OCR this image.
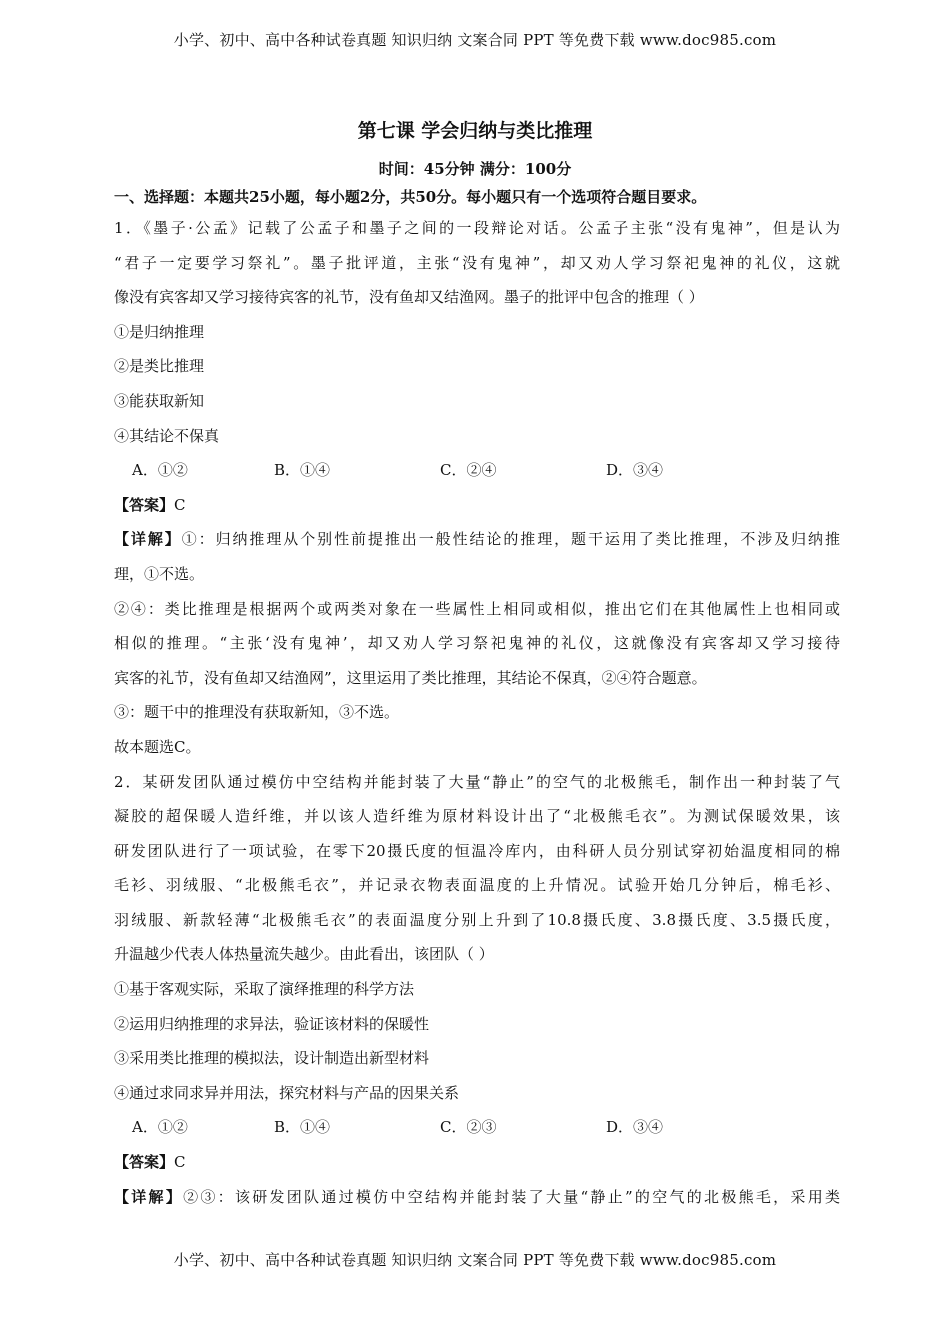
小学、初中、高中各种试卷真题 知识归纳 文案合同 PPT 等免费下载 www.doc985.com
第七课 学会归纳与类比推理
时间：45分钟 满分：100分
一、选择题：本题共25小题，每小题2分，共50分。每小题只有一个选项符合题目要求。
1．《墨子·公孟》记载了公孟子和墨子之间的一段辩论对话。公孟子主张“没有鬼神”，但是认为
“君子一定要学习祭礼”。墨子批评道，主张“没有鬼神”，却又劝人学习祭祀鬼神的礼仪，这就
像没有宾客却又学习接待宾客的礼节，没有鱼却又结渔网。墨子的批评中包含的推理（ ）
①是归纳推理
②是类比推理
③能获取新知
④其结论不保真
A．①②	B．①④	C．②④	D．③④
【答案】C
【详解】①：归纳推理从个别性前提推出一般性结论的推理，题干运用了类比推理，不涉及归纳推
理，①不选。
②④：类比推理是根据两个或两类对象在一些属性上相同或相似，推出它们在其他属性上也相同或
相似的推理。“主张‘没有鬼神’，却又劝人学习祭祀鬼神的礼仪，这就像没有宾客却又学习接待
宾客的礼节，没有鱼却又结渔网”，这里运用了类比推理，其结论不保真，②④符合题意。
③：题干中的推理没有获取新知，③不选。
故本题选C。
2．某研发团队通过模仿中空结构并能封装了大量“静止”的空气的北极熊毛，制作出一种封装了气
凝胶的超保暖人造纤维，并以该人造纤维为原材料设计出了“北极熊毛衣”。为测试保暖效果，该
研发团队进行了一项试验，在零下20摄氏度的恒温冷库内，由科研人员分别试穿初始温度相同的棉
毛衫、羽绒服、“北极熊毛衣”，并记录衣物表面温度的上升情况。试验开始几分钟后，棉毛衫、
羽绒服、新款轻薄“北极熊毛衣”的表面温度分别上升到了10.8摄氏度、3.8摄氏度、3.5摄氏度，
升温越少代表人体热量流失越少。由此看出，该团队（ ）
①基于客观实际，采取了演绎推理的科学方法
②运用归纳推理的求异法，验证该材料的保暖性
③采用类比推理的模拟法，设计制造出新型材料
④通过求同求异并用法，探究材料与产品的因果关系
A．①②	B．①④	C．②③	D．③④
【答案】C
【详解】②③：该研发团队通过模仿中空结构并能封装了大量“静止”的空气的北极熊毛，采用类
小学、初中、高中各种试卷真题 知识归纳 文案合同 PPT 等免费下载 www.doc985.com
